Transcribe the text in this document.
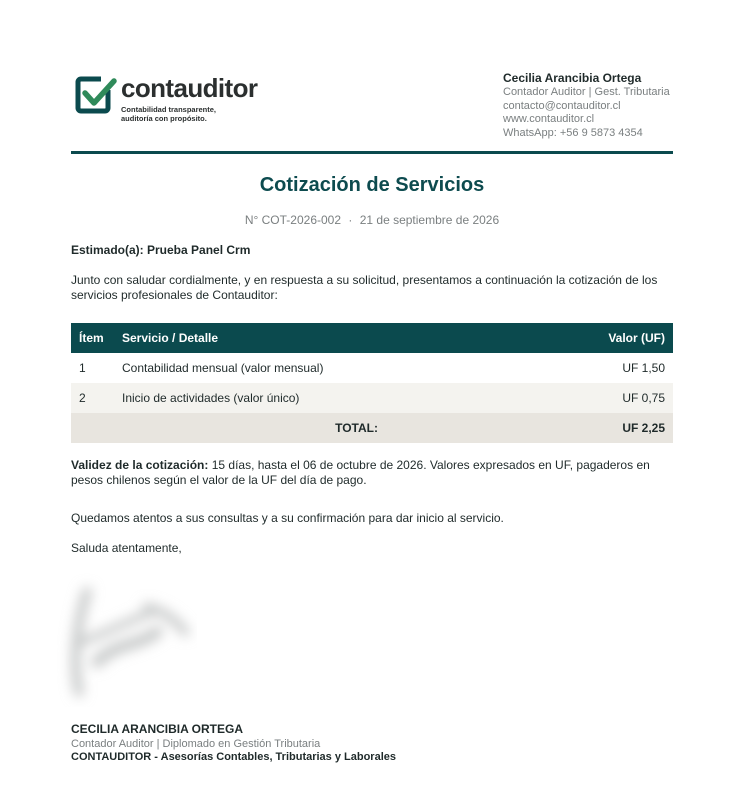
contauditor
Contabilidad transparente,
auditoría con propósito.
Cecilia Arancibia Ortega
Contador Auditor | Gest. Tributaria
contacto@contauditor.cl
www.contauditor.cl
WhatsApp: +56 9 5873 4354
Cotización de Servicios
N° COT-2026-002 · 21 de septiembre de 2026
Estimado(a): Prueba Panel Crm
Junto con saludar cordialmente, y en respuesta a su solicitud, presentamos a continuación la cotización de los servicios profesionales de Contauditor:
Ítem	Servicio / Detalle	Valor (UF)
1	Contabilidad mensual (valor mensual)	UF 1,50
2	Inicio de actividades (valor único)	UF 0,75
TOTAL:		UF 2,25
Validez de la cotización: 15 días, hasta el 06 de octubre de 2026. Valores expresados en UF, pagaderos en pesos chilenos según el valor de la UF del día de pago.
Quedamos atentos a sus consultas y a su confirmación para dar inicio al servicio.
Saluda atentamente,
CECILIA ARANCIBIA ORTEGA
Contador Auditor | Diplomado en Gestión Tributaria
CONTAUDITOR - Asesorías Contables, Tributarias y Laborales
